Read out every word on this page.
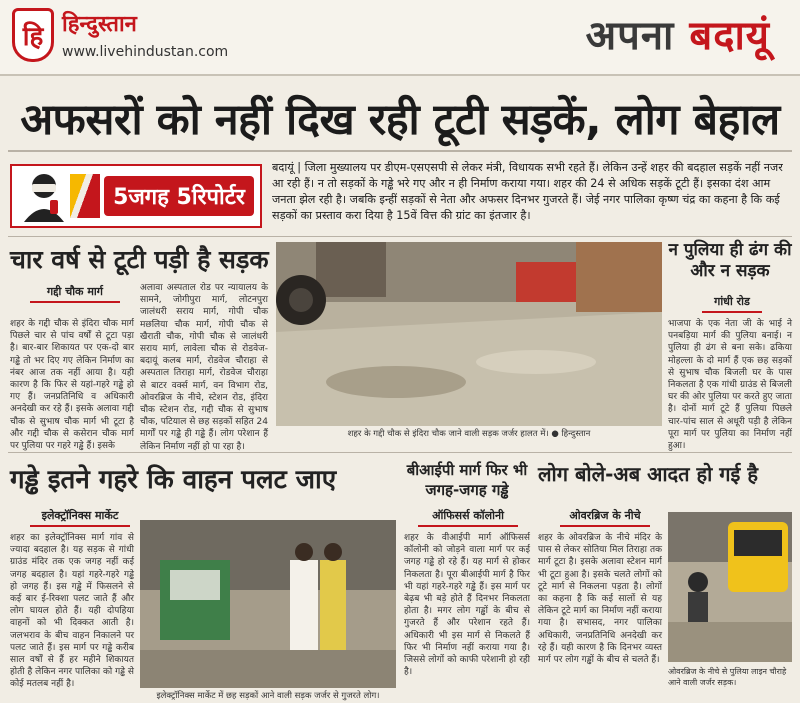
हि हिन्दुस्तान
www.livehindustan.com	अपना बदायूं
अफसरों को नहीं दिख रही टूटी सड़कें, लोग बेहाल
5जगह 5रिपोर्टर
बदायूं | जिला मुख्यालय पर डीएम-एसएसपी से लेकर मंत्री, विधायक सभी रहते हैं। लेकिन उन्हें शहर की बदहाल सड़कें नहीं नजर आ रही हैं। न तो सड़कों के गड्ढे भरे गए और न ही निर्माण कराया गया। शहर की 24 से अधिक सड़कें टूटी हैं। इसका दंश आम जनता झेल रही है। जबकि इन्हीं सड़कों से नेता और अफसर दिनभर गुजरते हैं। जेई नगर पालिका कृष्ण चंद्र का कहना है कि कई सड़कों का प्रस्ताव करा दिया है 15वें वित्त की ग्रांट का इंतजार है।
चार वर्ष से टूटी पड़ी है सड़क
गद्दी चौक मार्ग
शहर के गद्दी चौक से इंदिरा चौक मार्ग पिछले चार से पांच वर्षों से टूटा पड़ा है। बार-बार शिकायत पर एक-दो बार गड्ढे तो भर दिए गए लेकिन निर्माण का नंबर आज तक नहीं आया है। यही कारण है कि फिर से यहां-गहरे गड्ढे हो गए हैं। जनप्रतिनिधि व अधिकारी अनदेखी कर रहे हैं। इसके अलावा गद्दी चौक से सुभाष चौक मार्ग भी टूटा है और गद्दी चौक से कसेरान चौक मार्ग पर पुलिया पर गहरे गड्ढे हैं। इसके
अलावा अस्पताल रोड पर न्यायालय के सामने, जोगीपुरा मार्ग, लोटनपुरा जालंधरी सराय मार्ग, गोपी चौक मछलिया चौक मार्ग, गोपी चौक से खैराती चौक, गोपी चौक से जालंधरी सराय मार्ग, लावेला चौक से रोडवेज-बदायूं कलब मार्ग, रोडवेज चौराहा से अस्पताल तिराहा मार्ग, रोडवेज चौराहा से बाटर वर्क्स मार्ग, वन विभाग रोड, ओवरब्रिज के नीचे, स्टेशन रोड, इंदिरा चौक स्टेशन रोड, गद्दी चौक से सुभाष चौक, पटियाल से छह सड़कों सहित 24 मार्गों पर गड्ढे ही गड्ढे हैं। लोग परेशान हैं लेकिन निर्माण नहीं हो पा रहा है।
शहर के गद्दी चौक से इंदिरा चौक जाने वाली सड़क जर्जर हालत में। ● हिन्दुस्तान
न पुलिया ही ढंग की और न सड़क
गांधी रोड
भाजपा के एक नेता जी के भाई ने पनबड़िया मार्ग की पुलिया बनाई। न पुलिया ही ढंग से बना सके। ढकिया मोहल्ला के दो मार्ग हैं एक छह सड़कों से सुभाष चौक बिजली घर के पास निकलता है एक गांधी ग्राउंड से बिजली घर की ओर पुलिया पर करते हुए जाता है। दोनों मार्ग टूटे हैं पुलिया पिछले चार-पांच साल से अधूरी पड़ी है लेकिन पूरा मार्ग पर पुलिया का निर्माण नहीं हुआ।
गड्ढे इतने गहरे कि वाहन पलट जाए
इलेक्ट्रॉनिक्स मार्केट
शहर का इलेक्ट्रॉनिक्स मार्ग गांव से ज्यादा बदहाल है। यह सड़क से गांधी ग्राउंड मंदिर तक एक जगह नहीं कई जगह बदहाल है। यहां गहरे-गहरे गड्ढे हो जगह हैं। इस गड्ढे में फिसलने से कई बार ई-रिक्शा पलट जाते हैं और लोग घायल होते हैं। यही दोपहिया वाहनों को भी दिक्कत आती है। जलभराव के बीच वाहन निकालने पर पलट जाते हैं। इस मार्ग पर गड्ढे करीब साल वर्षों से हैं हर महीने शिकायत होती है लेकिन नगर पालिका को गड्ढे से कोई मतलब नहीं है।
इलेक्ट्रॉनिक्स मार्केट में छह सड़कों आने वाली सड़क जर्जर से गुजरते लोग।
बीआईपी मार्ग फिर भी जगह-जगह गड्ढे
ऑफिसर्स कॉलोनी
शहर के वीआईपी मार्ग ऑफिसर्स कॉलोनी को जोड़ने वाला मार्ग पर कई जगह गड्ढे हो रहे हैं। यह मार्ग से होकर निकलता है। पूरा बीआईपी मार्ग है फिर भी यहां गहरे-गहरे गड्ढे हैं। इस मार्ग पर बेढ़ब भी बड़े होते हैं दिनभर निकलता होता है। मगर लोग गड्ढों के बीच से गुजरते हैं और परेशान रहते हैं। अधिकारी भी इस मार्ग से निकलते हैं फिर भी निर्माण नहीं कराया गया है। जिससे लोगों को काफी परेशानी हो रही है।
लोग बोले-अब आदत हो गई है
ओवरब्रिज के नीचे
शहर के ओवरब्रिज के नीचे मंदिर के पास से लेकर सोतिया मिल तिराहा तक मार्ग टूटा है। इसके अलावा स्टेशन मार्ग भी टूटा हुआ है। इसके चलते लोगों को टूटे मार्ग से निकलना पड़ता है। लोगों का कहना है कि कई सालों से यह लेकिन टूटे मार्ग का निर्माण नहीं कराया गया है। सभासद, नगर पालिका अधिकारी, जनप्रतिनिधि अनदेखी कर रहे हैं। यही कारण है कि दिनभर व्यस्त मार्ग पर लोग गड्ढों के बीच से चलते हैं।
ओवरब्रिज के नीचे से पुलिया लाइन चौराहे आने वाली जर्जर सड़क।
